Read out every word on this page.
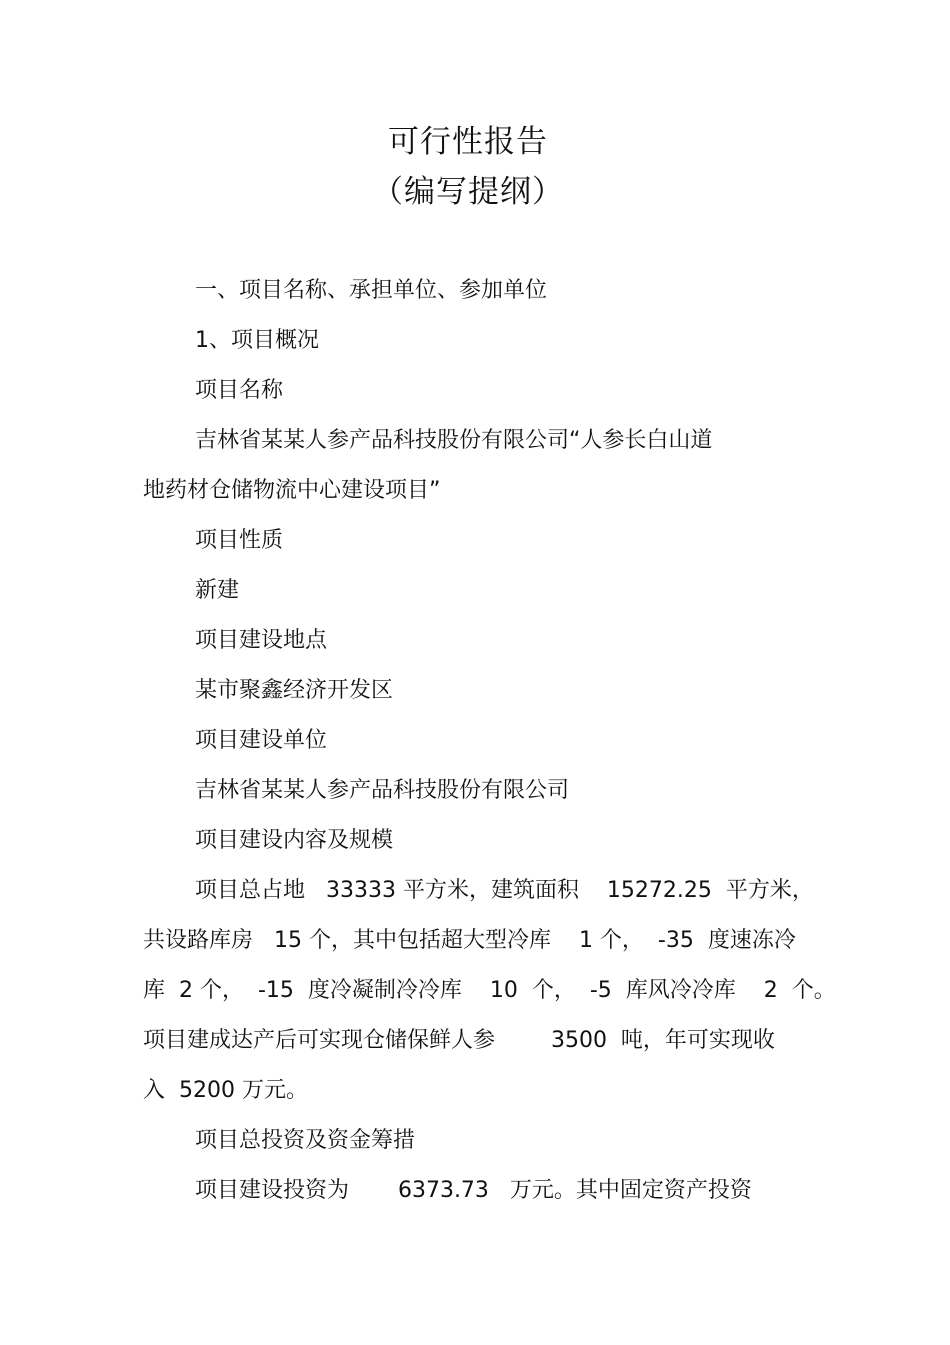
可行性报告
（编写提纲）
一、项目名称、承担单位、参加单位
1、项目概况
项目名称
吉林省某某人参产品科技股份有限公司“人参长白山道
地药材仓储物流中心建设项目”
项目性质
新建
项目建设地点
某市聚鑫经济开发区
项目建设单位
吉林省某某人参产品科技股份有限公司
项目建设内容及规模
项目总占地   33333 平方米，建筑面积    15272.25  平方米，
共设路库房   15 个，其中包括超大型冷库    1 个，  -35  度速冻冷
库  2 个，  -15  度冷凝制冷冷库    10  个，  -5  库风冷冷库    2  个。
项目建成达产后可实现仓储保鲜人参        3500  吨，年可实现收
入  5200 万元。
项目总投资及资金筹措
项目建设投资为       6373.73   万元。其中固定资产投资
